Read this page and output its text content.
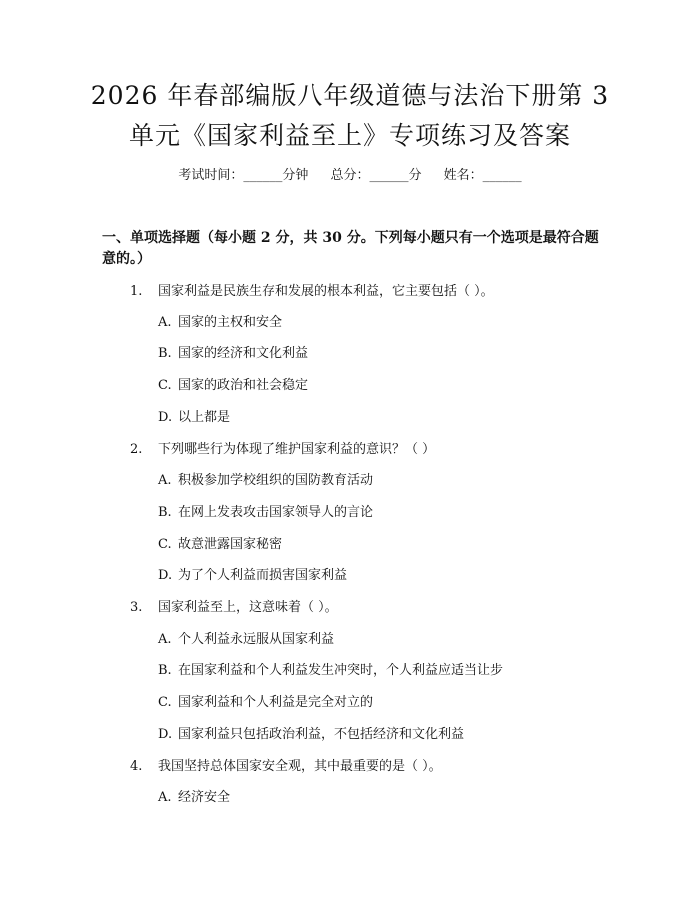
2026 年春部编版八年级道德与法治下册第 3
单元《国家利益至上》专项练习及答案
考试时间：______分钟 总分：______分 姓名：______
一、单项选择题（每小题 2 分，共 30 分。下列每小题只有一个选项是最符合题意的。）
1. 国家利益是民族生存和发展的根本利益，它主要包括（ ）。
A. 国家的主权和安全
B. 国家的经济和文化利益
C. 国家的政治和社会稳定
D. 以上都是
2. 下列哪些行为体现了维护国家利益的意识？（ ）
A. 积极参加学校组织的国防教育活动
B. 在网上发表攻击国家领导人的言论
C. 故意泄露国家秘密
D. 为了个人利益而损害国家利益
3. 国家利益至上，这意味着（ ）。
A. 个人利益永远服从国家利益
B. 在国家利益和个人利益发生冲突时，个人利益应适当让步
C. 国家利益和个人利益是完全对立的
D. 国家利益只包括政治利益，不包括经济和文化利益
4. 我国坚持总体国家安全观，其中最重要的是（ ）。
A. 经济安全
